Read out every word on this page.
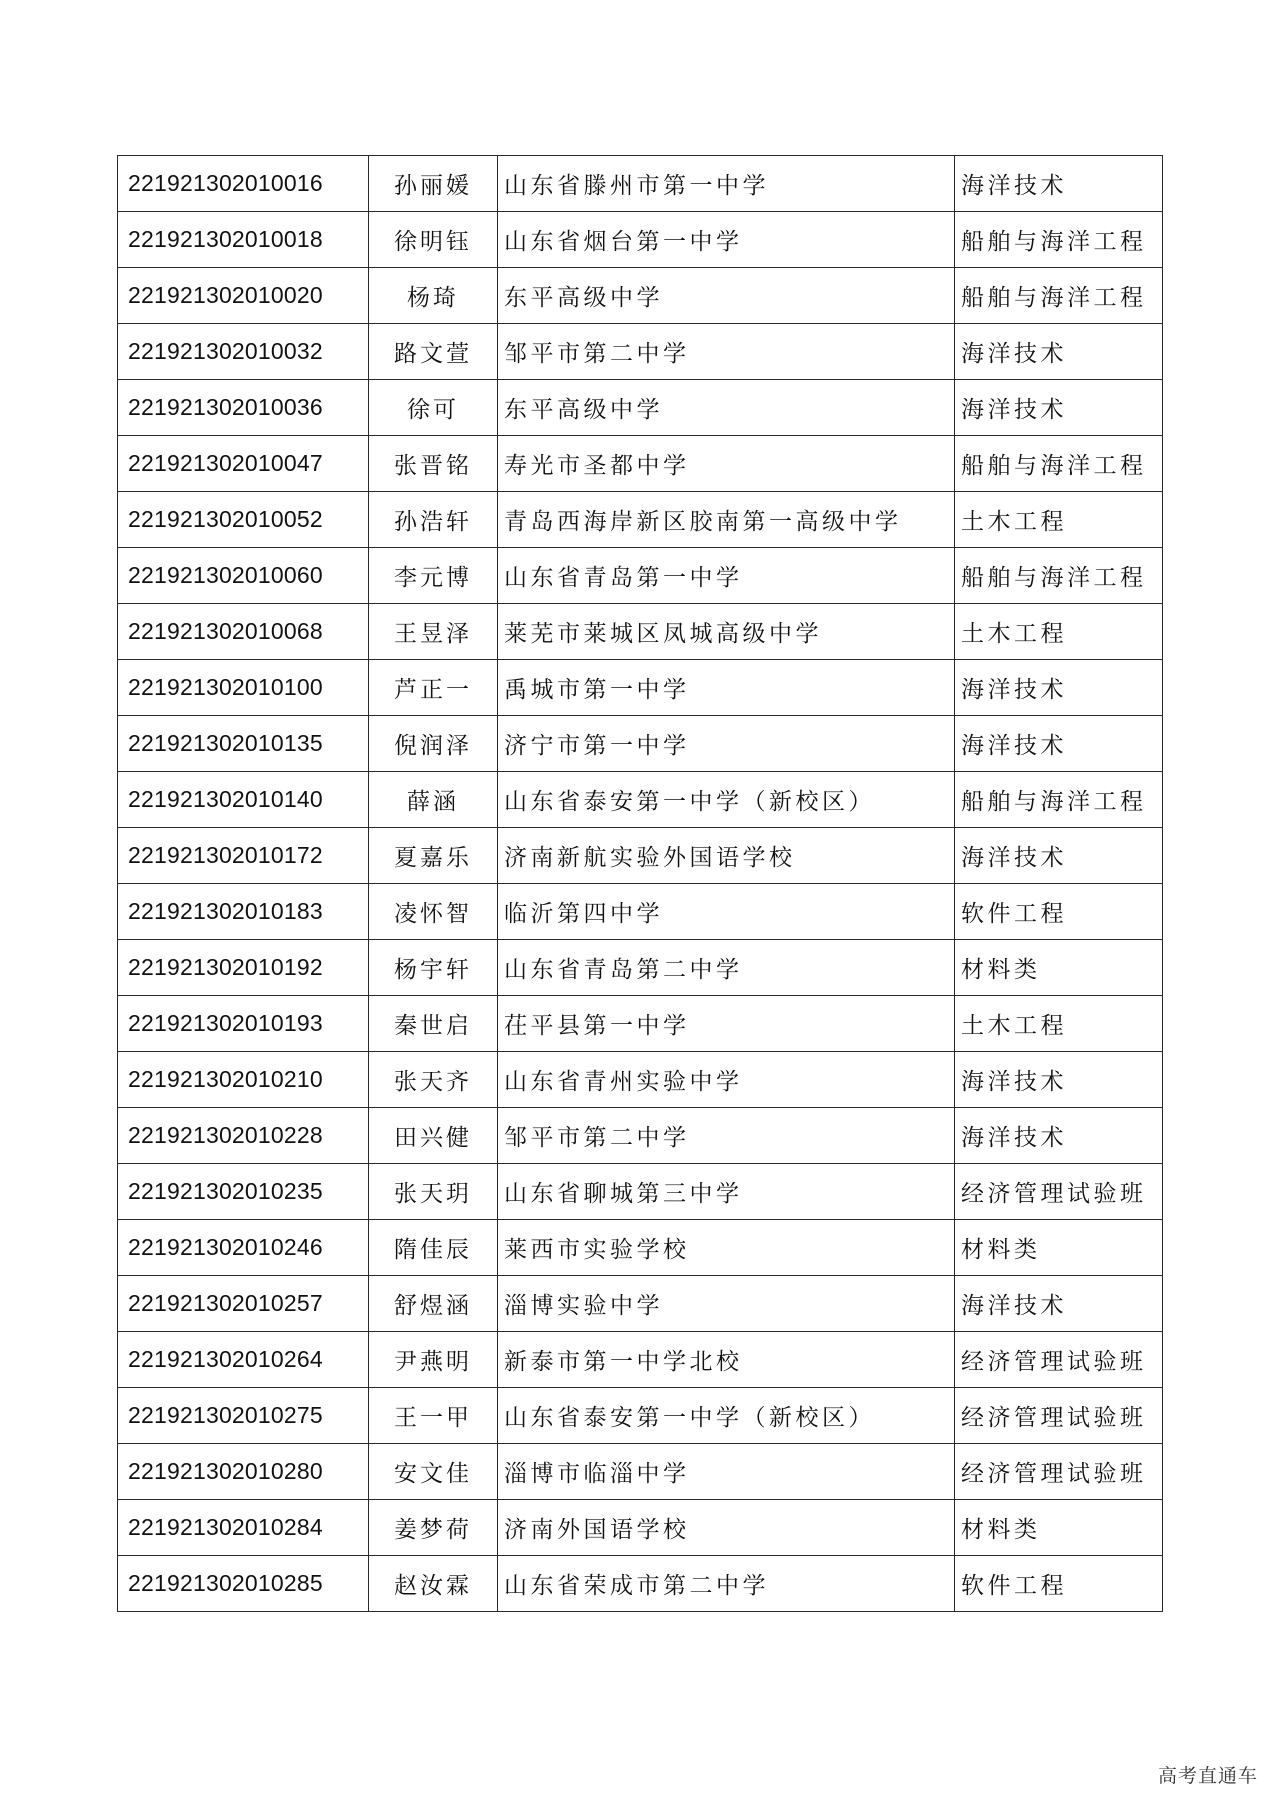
221921302010016	孙丽媛	山东省滕州市第一中学	海洋技术
221921302010018	徐明钰	山东省烟台第一中学	船舶与海洋工程
221921302010020	杨琦	东平高级中学	船舶与海洋工程
221921302010032	路文萱	邹平市第二中学	海洋技术
221921302010036	徐可	东平高级中学	海洋技术
221921302010047	张晋铭	寿光市圣都中学	船舶与海洋工程
221921302010052	孙浩轩	青岛西海岸新区胶南第一高级中学	土木工程
221921302010060	李元博	山东省青岛第一中学	船舶与海洋工程
221921302010068	王昱泽	莱芜市莱城区凤城高级中学	土木工程
221921302010100	芦正一	禹城市第一中学	海洋技术
221921302010135	倪润泽	济宁市第一中学	海洋技术
221921302010140	薛涵	山东省泰安第一中学（新校区）	船舶与海洋工程
221921302010172	夏嘉乐	济南新航实验外国语学校	海洋技术
221921302010183	凌怀智	临沂第四中学	软件工程
221921302010192	杨宇轩	山东省青岛第二中学	材料类
221921302010193	秦世启	茌平县第一中学	土木工程
221921302010210	张天齐	山东省青州实验中学	海洋技术
221921302010228	田兴健	邹平市第二中学	海洋技术
221921302010235	张天玥	山东省聊城第三中学	经济管理试验班
221921302010246	隋佳辰	莱西市实验学校	材料类
221921302010257	舒煜涵	淄博实验中学	海洋技术
221921302010264	尹燕明	新泰市第一中学北校	经济管理试验班
221921302010275	王一甲	山东省泰安第一中学（新校区）	经济管理试验班
221921302010280	安文佳	淄博市临淄中学	经济管理试验班
221921302010284	姜梦荷	济南外国语学校	材料类
221921302010285	赵汝霖	山东省荣成市第二中学	软件工程
高考直通车
